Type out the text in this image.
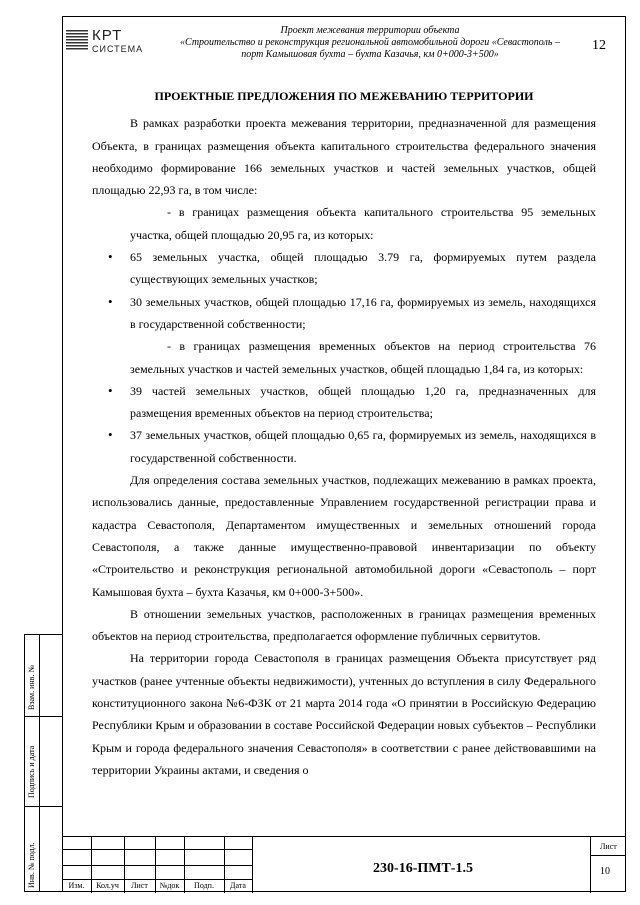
КРТ
СИСТЕМА
Проект межевания территории объекта
«Строительство и реконструкция региональной автомобильной дороги «Севастополь –
порт Камышовая бухта – бухта Казачья, км 0+000-3+500»
12
ПРОЕКТНЫЕ ПРЕДЛОЖЕНИЯ ПО МЕЖЕВАНИЮ ТЕРРИТОРИИ

В рамках разработки проекта межевания территории, предназначенной для размещения Объекта, в границах размещения объекта капитального строительства федерального значения необходимо формирование 166 земельных участков и частей земельных участков, общей площадью 22,93 га, в том числе:

- в границах размещения объекта капитального строительства 95 земельных участка, общей площадью 20,95 га, из которых:

• 65 земельных участка, общей площадью 3.79 га, формируемых путем раздела существующих земельных участков;
• 30 земельных участков, общей площадью 17,16 га, формируемых из земель, находящихся в государственной собственности;

- в границах размещения временных объектов на период строительства 76 земельных участков и частей земельных участков, общей площадью 1,84 га, из которых:

• 39 частей земельных участков, общей площадью 1,20 га, предназначенных для размещения временных объектов на период строительства;
• 37 земельных участков, общей площадью 0,65 га, формируемых из земель, находящихся в государственной собственности.

Для определения состава земельных участков, подлежащих межеванию в рамках проекта, использовались данные, предоставленные Управлением государственной регистрации права и кадастра Севастополя, Департаментом имущественных и земельных отношений города Севастополя, а также данные имущественно-правовой инвентаризации по объекту «Строительство и реконструкция региональной автомобильной дороги «Севастополь – порт Камышовая бухта – бухта Казачья, км 0+000-3+500».

В отношении земельных участков, расположенных в границах размещения временных объектов на период строительства, предполагается оформление публичных сервитутов.

На территории города Севастополя в границах размещения Объекта присутствует ряд участков (ранее учтенные объекты недвижимости), учтенных до вступления в силу Федерального конституционного закона №6-ФЗК от 21 марта 2014 года «О принятии в Российскую Федерацию Республики Крым и образовании в составе Российской Федерации новых субъектов – Республики Крым и города федерального значения Севастополя» в соответствии с ранее действовавшими на территории Украины актами, и сведения о

Взам. инв. №
Подпись и дата
Инв. № подл.	Изм.	Кол.уч	Лист	№док	Подп.	Дата
230-16-ПМТ-1.5
Лист
10
